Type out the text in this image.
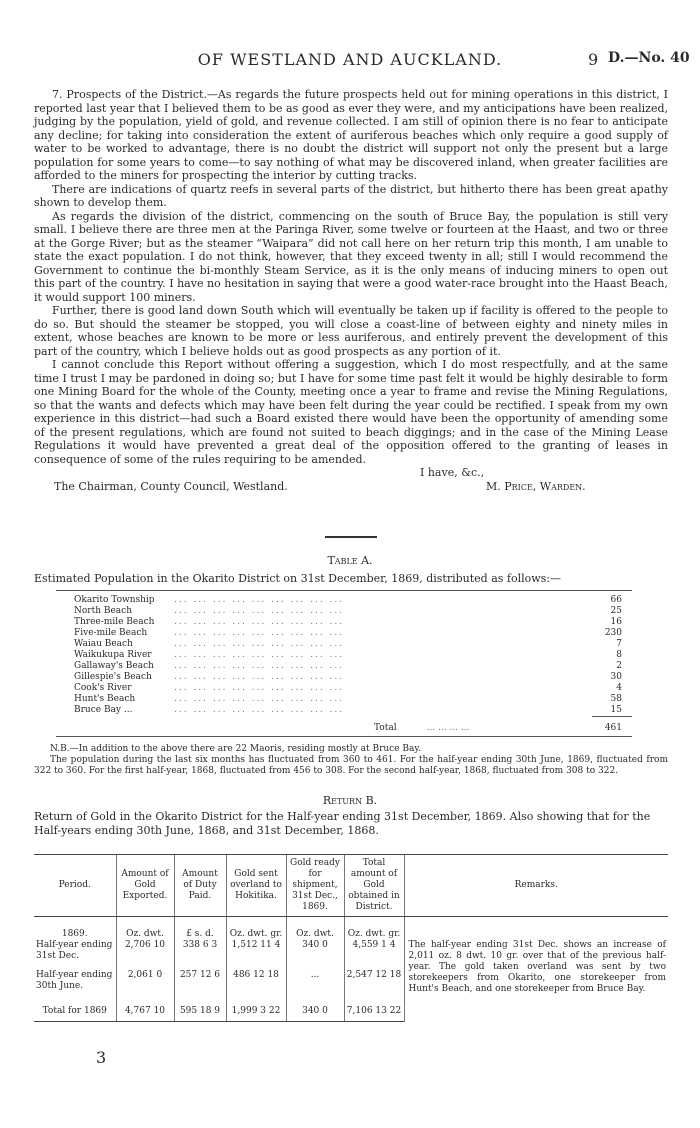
OF WESTLAND AND AUCKLAND.	9 D.—No. 40

7. Prospects of the District.—As regards the future prospects held out for mining operations in this district, I reported last year that I believed them to be as good as ever they were, and my anticipations have been realized, judging by the population, yield of gold, and revenue collected. I am still of opinion there is no fear to anticipate any decline; for taking into consideration the extent of auriferous beaches which only require a good supply of water to be worked to advantage, there is no doubt the district will support not only the present but a large population for some years to come—to say nothing of what may be discovered inland, when greater facilities are afforded to the miners for prospecting the interior by cutting tracks.

There are indications of quartz reefs in several parts of the district, but hitherto there has been great apathy shown to develop them.

As regards the division of the district, commencing on the south of Bruce Bay, the population is still very small. I believe there are three men at the Paringa River, some twelve or fourteen at the Haast, and two or three at the Gorge River; but as the steamer “Waipara” did not call here on her return trip this month, I am unable to state the exact population. I do not think, however, that they exceed twenty in all; still I would recommend the Government to continue the bi-monthly Steam Service, as it is the only means of inducing miners to open out this part of the country. I have no hesitation in saying that were a good water-race brought into the Haast Beach, it would support 100 miners.

Further, there is good land down South which will eventually be taken up if facility is offered to the people to do so. But should the steamer be stopped, you will close a coast-line of between eighty and ninety miles in extent, whose beaches are known to be more or less auriferous, and entirely prevent the development of this part of the country, which I believe holds out as good prospects as any portion of it.

I cannot conclude this Report without offering a suggestion, which I do most respectfully, and at the same time I trust I may be pardoned in doing so; but I have for some time past felt it would be highly desirable to form one Mining Board for the whole of the County, meeting once a year to frame and revise the Mining Regulations, so that the wants and defects which may have been felt during the year could be rectified. I speak from my own experience in this district—had such a Board existed there would have been the opportunity of amending some of the present regulations, which are found not suited to beach diggings; and in the case of the Mining Lease Regulations it would have prevented a great deal of the opposition offered to the granting of leases in consequence of some of the rules requiring to be amended.

I have, &c.,
The Chairman, County Council, Westland.	M. Price, Warden.
Table A.
Estimated Population in the Okarito District on 31st December, 1869, distributed as follows:—
Okarito Township	... ... ... ... ... ... ... ... ...	66
North Beach	... ... ... ... ... ... ... ... ...	25
Three-mile Beach	... ... ... ... ... ... ... ... ...	16
Five-mile Beach	... ... ... ... ... ... ... ... ...	230
Waiau Beach	... ... ... ... ... ... ... ... ...	7
Waikukupa River	... ... ... ... ... ... ... ... ...	8
Gallaway's Beach	... ... ... ... ... ... ... ... ...	2
Gillespie's Beach	... ... ... ... ... ... ... ... ...	30
Cook's River	... ... ... ... ... ... ... ... ...	4
Hunt's Beach	... ... ... ... ... ... ... ... ...	58
Bruce Bay ...	... ... ... ... ... ... ... ... ...	15
	Total ... ... ... ...	461

N.B.—In addition to the above there are 22 Maoris, residing mostly at Bruce Bay.

The population during the last six months has fluctuated from 360 to 461. For the half-year ending 30th June, 1869, fluctuated from 322 to 360. For the first half-year, 1868, fluctuated from 456 to 308. For the second half-year, 1868, fluctuated from 308 to 322.

Return B.
Return of Gold in the Okarito District for the Half-year ending 31st December, 1869. Also showing that for the Half-years ending 30th June, 1868, and 31st December, 1868.
Period.	Amount of Gold Exported.	Amount of Duty Paid.	Gold sent overland to Hokitika.	Gold ready for shipment, 31st Dec., 1869.	Total amount of Gold obtained in District.	Remarks.
1869.	Oz. dwt.	£ s. d.	Oz. dwt. gr.	Oz. dwt.	Oz. dwt. gr.	The half-year ending 31st Dec. shows an increase of 2,011 oz. 8 dwt. 10 gr. over that of the previous half-year. The gold taken overland was sent by two storekeepers from Okarito, one storekeeper from Hunt's Beach, and one storekeeper from Bruce Bay.
Half-year ending 31st Dec.	2,706 10	338 6 3	1,512 11 4	340 0	4,559 1 4	
Half-year ending 30th June.	2,061 0	257 12 6	486 12 18	...	2,547 12 18	
Total for 1869	4,767 10	595 18 9	1,999 3 22	340 0	7,106 13 22	
3
